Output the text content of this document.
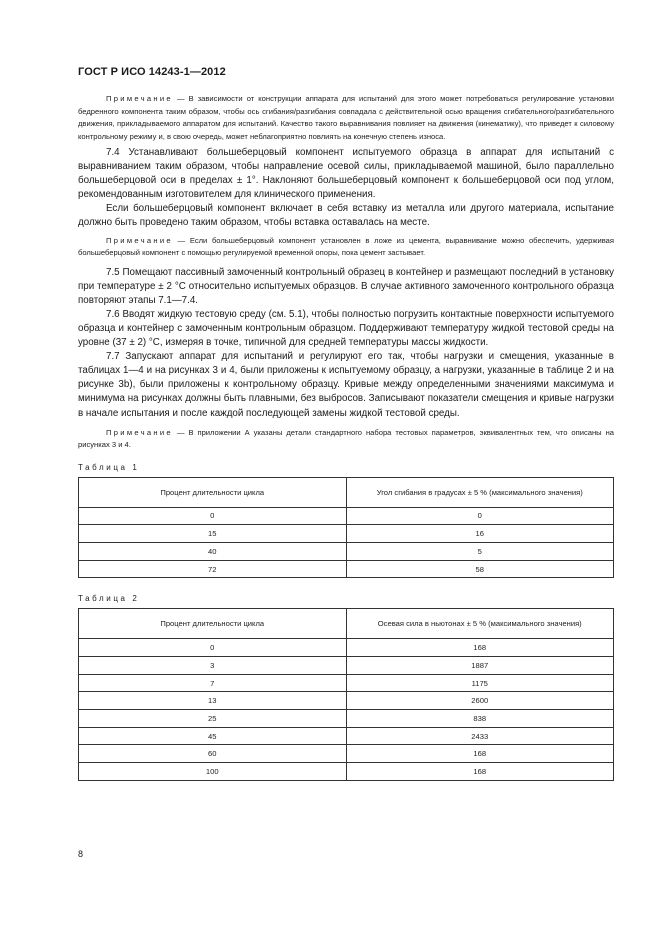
ГОСТ Р ИСО 14243-1—2012

Примечание — В зависимости от конструкции аппарата для испытаний для этого может потребоваться регулирование установки бедренного компонента таким образом, чтобы ось сгибания/разгибания совпадала с действительной осью вращения сгибательного/разгибательного движения, прикладываемого аппаратом для испытаний. Качество такого выравнивания повлияет на движения (кинематику), что приведет к силовому контрольному режиму и, в свою очередь, может неблагоприятно повлиять на конечную степень износа.

7.4 Устанавливают большеберцовый компонент испытуемого образца в аппарат для испытаний с выравниванием таким образом, чтобы направление осевой силы, прикладываемой машиной, было параллельно большеберцовой оси в пределах ± 1°. Наклоняют большеберцовый компонент к большеберцовой оси под углом, рекомендованным изготовителем для клинического применения.

Если большеберцовый компонент включает в себя вставку из металла или другого материала, испытание должно быть проведено таким образом, чтобы вставка оставалась на месте.

Примечание — Если большеберцовый компонент установлен в ложе из цемента, выравнивание можно обеспечить, удерживая большеберцовый компонент с помощью регулируемой временной опоры, пока цемент застывает.

7.5 Помещают пассивный замоченный контрольный образец в контейнер и размещают последний в установку при температуре ± 2 °С относительно испытуемых образцов. В случае активного замоченного контрольного образца повторяют этапы 7.1—7.4.

7.6 Вводят жидкую тестовую среду (см. 5.1), чтобы полностью погрузить контактные поверхности испытуемого образца и контейнер с замоченным контрольным образцом. Поддерживают температуру жидкой тестовой среды на уровне (37 ± 2) °С, измеряя в точке, типичной для средней температуры массы жидкости.

7.7 Запускают аппарат для испытаний и регулируют его так, чтобы нагрузки и смещения, указанные в таблицах 1—4 и на рисунках 3 и 4, были приложены к испытуемому образцу, а нагрузки, указанные в таблице 2 и на рисунке 3b), были приложены к контрольному образцу. Кривые между определенными значениями максимума и минимума на рисунках должны быть плавными, без выбросов. Записывают показатели смещения и кривые нагрузки в начале испытания и после каждой последующей замены жидкой тестовой среды.

Примечание — В приложении А указаны детали стандартного набора тестовых параметров, эквивалентных тем, что описаны на рисунках 3 и 4.

Таблица 1

Процент длительности цикла	Угол сгибания в градусах ± 5 % (максимального значения)
0	0
15	16
40	5
72	58

Таблица 2

Процент длительности цикла	Осевая сила в ньютонах ± 5 % (максимального значения)
0	168
3	1887
7	1175
13	2600
25	838
45	2433
60	168
100	168
8
